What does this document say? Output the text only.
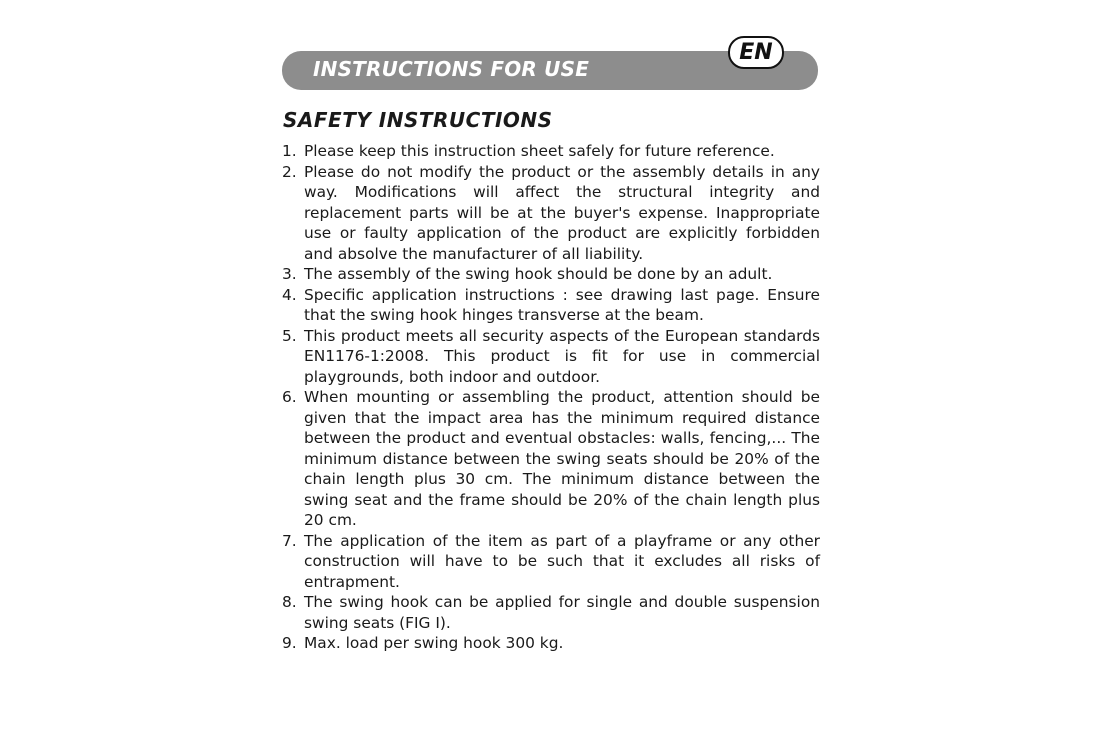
INSTRUCTIONS FOR USE
EN
SAFETY INSTRUCTIONS
1. Please keep this instruction sheet safely for future reference.
2. Please do not modify the product or the assembly details in any way. Modifications will affect the structural integrity and replacement parts will be at the buyer's expense. Inappropriate use or faulty application of the product are explicitly forbidden and absolve the manufacturer of all liability.
3. The assembly of the swing hook should be done by an adult.
4. Specific application instructions : see drawing last page. Ensure that the swing hook hinges transverse at the beam.
5. This product meets all security aspects of the European standards EN1176-1:2008. This product is fit for use in commercial playgrounds, both indoor and outdoor.
6. When mounting or assembling the product, attention should be given that the impact area has the minimum required distance between the product and eventual obstacles: walls, fencing,... The minimum distance between the swing seats should be 20% of the chain length plus 30 cm. The minimum distance between the swing seat and the frame should be 20% of the chain length plus 20 cm.
7. The application of the item as part of a playframe or any other construction will have to be such that it excludes all risks of entrapment.
8. The swing hook can be applied for single and double suspension swing seats (FIG I).
9. Max. load per swing hook 300 kg.
